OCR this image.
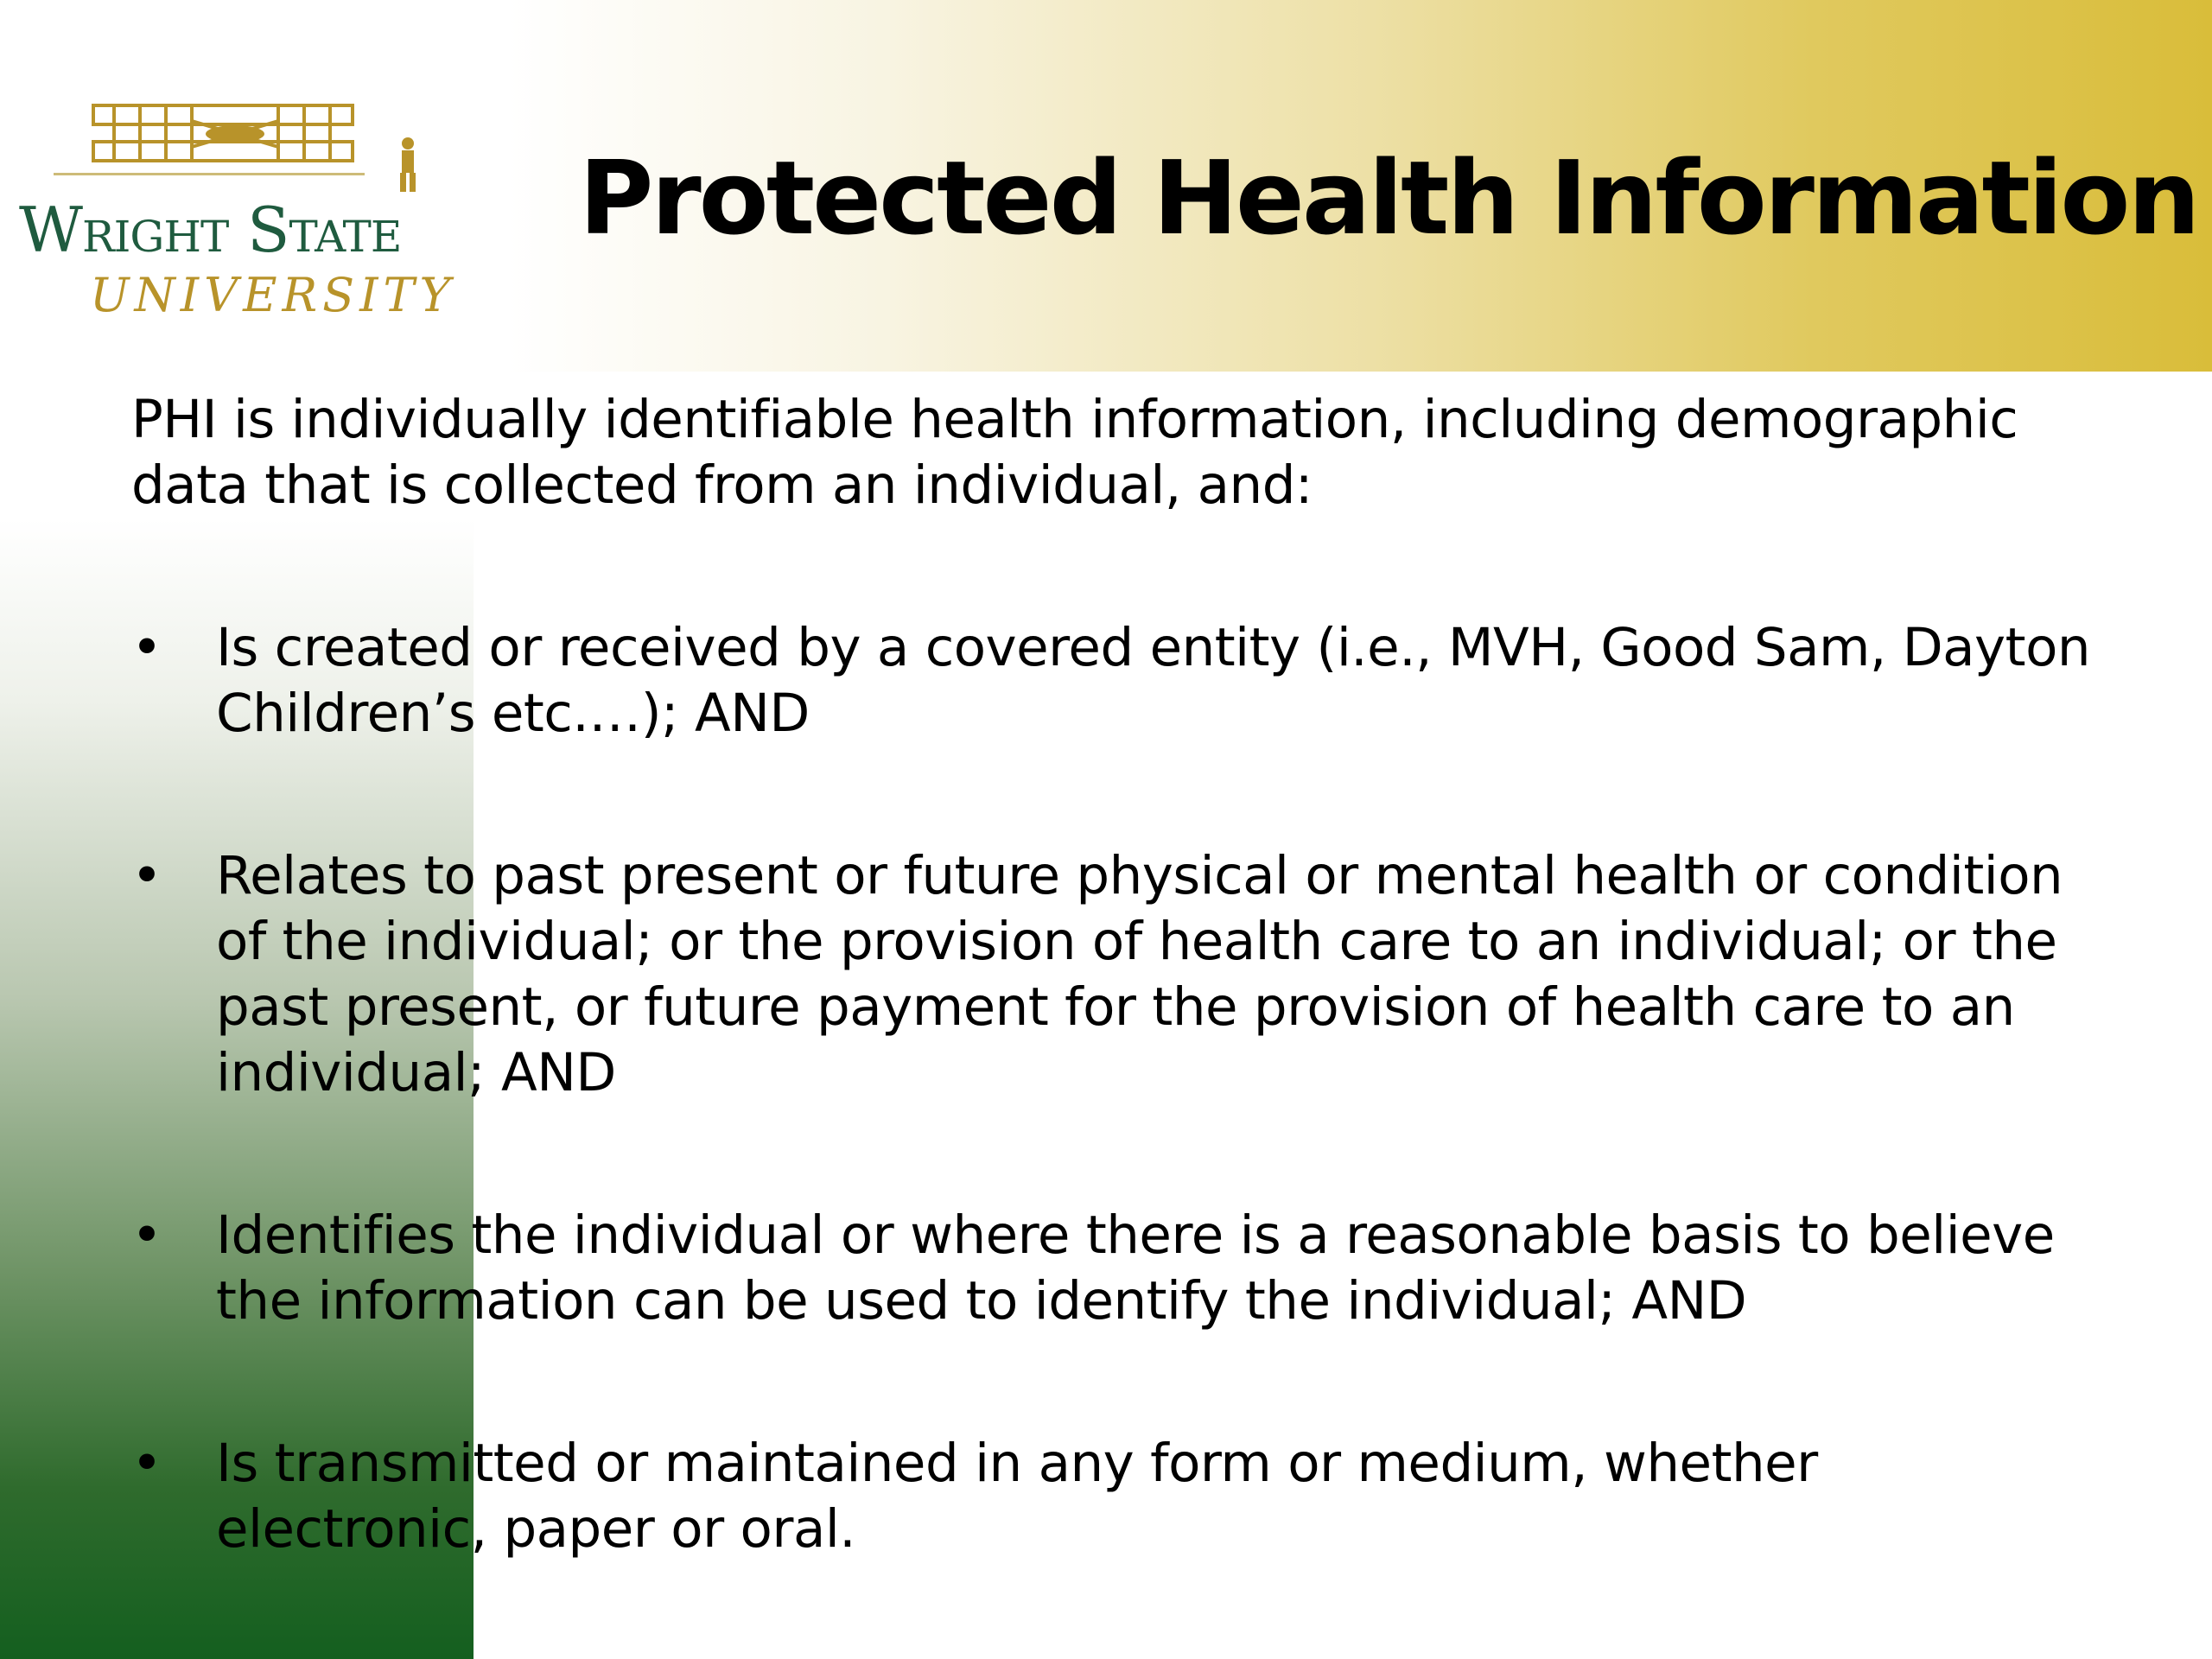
Wright State
UNIVERSITY
Protected Health Information

PHI is individually identifiable health information, including demographic data that is collected from an individual, and:

• Is created or received by a covered entity (i.e., MVH, Good Sam, Dayton Children’s etc.…); AND
• Relates to past present or future physical or mental health or condition of the individual; or the provision of health care to an individual; or the past present, or future payment for the provision of health care to an individual; AND
• Identifies the individual or where there is a reasonable basis to believe the information can be used to identify the individual; AND
• Is transmitted or maintained in any form or medium, whether electronic, paper or oral.
